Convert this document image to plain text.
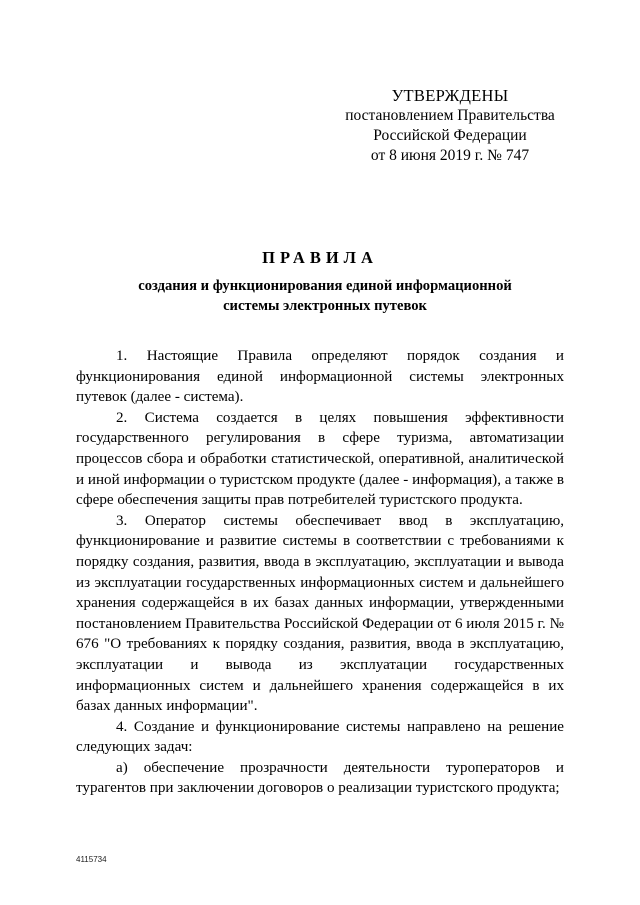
УТВЕРЖДЕНЫ
постановлением Правительства
Российской Федерации
от 8 июня 2019 г. № 747
ПРАВИЛА
создания и функционирования единой информационной
системы электронных путевок

1. Настоящие Правила определяют порядок создания и функционирования единой информационной системы электронных путевок (далее - система).

2. Система создается в целях повышения эффективности государственного регулирования в сфере туризма, автоматизации процессов сбора и обработки статистической, оперативной, аналитической и иной информации о туристском продукте (далее - информация), а также в сфере обеспечения защиты прав потребителей туристского продукта.

3. Оператор системы обеспечивает ввод в эксплуатацию, функционирование и развитие системы в соответствии с требованиями к порядку создания, развития, ввода в эксплуатацию, эксплуатации и вывода из эксплуатации государственных информационных систем и дальнейшего хранения содержащейся в их базах данных информации, утвержденными постановлением Правительства Российской Федерации от 6 июля 2015 г. № 676 "О требованиях к порядку создания, развития, ввода в эксплуатацию, эксплуатации и вывода из эксплуатации государственных информационных систем и дальнейшего хранения содержащейся в их базах данных информации".

4. Создание и функционирование системы направлено на решение следующих задач:

а) обеспечение прозрачности деятельности туроператоров и турагентов при заключении договоров о реализации туристского продукта;

4115734
